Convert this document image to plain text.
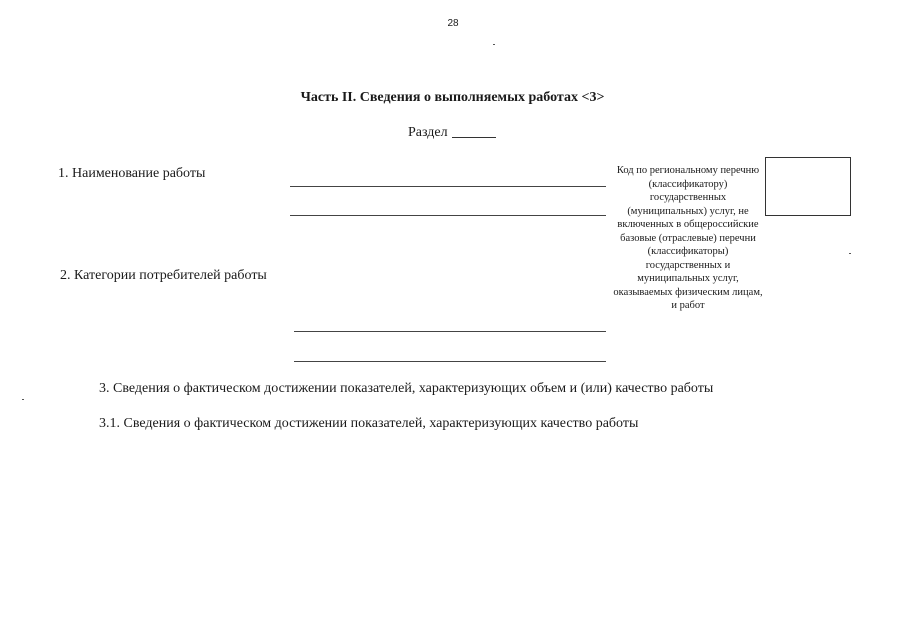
28
Часть II. Сведения о выполняемых работах <3>
Раздел
1. Наименование работы
2. Категории потребителей работы
Код по региональному перечню (классификатору) государственных (муниципальных) услуг, не включенных в общероссийские базовые (отраслевые) перечни (классификаторы) государственных и муниципальных услуг, оказываемых физическим лицам, и работ
3. Сведения о фактическом достижении показателей, характеризующих объем и (или) качество работы
3.1. Сведения о фактическом достижении показателей, характеризующих качество работы
